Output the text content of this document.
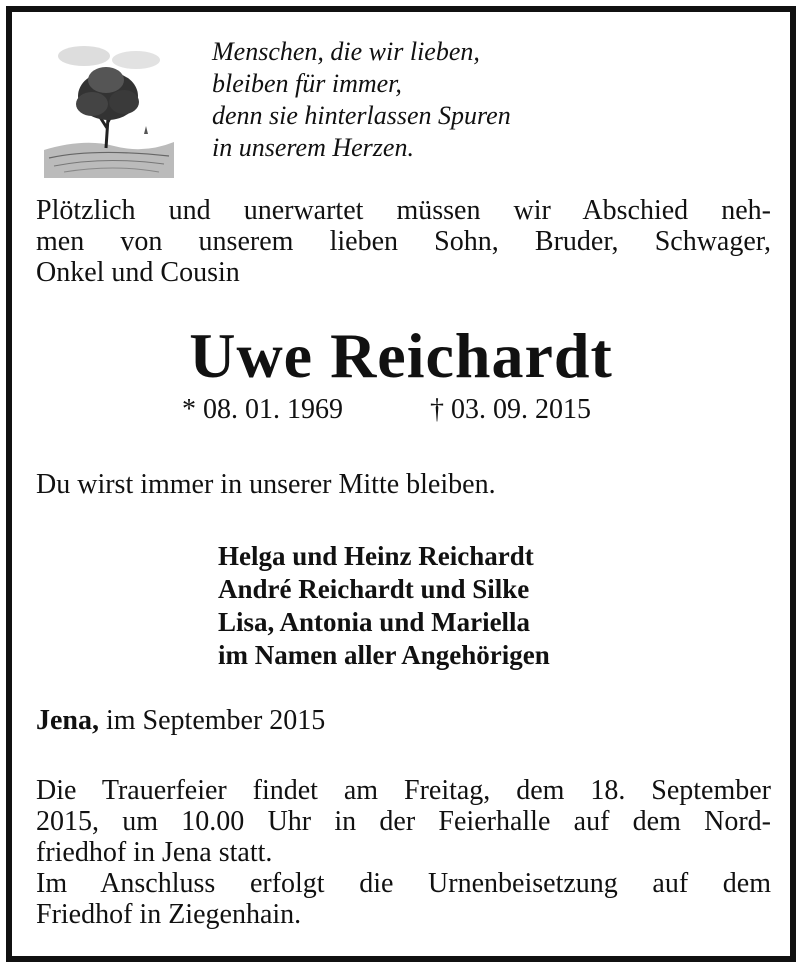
Menschen, die wir lieben,
bleiben für immer,
denn sie hinterlassen Spuren
in unserem Herzen.
Plötzlich und unerwartet müssen wir Abschied neh-
men von unserem lieben Sohn, Bruder, Schwager,
Onkel und Cousin
Uwe Reichardt
* 08. 01. 1969	† 03. 09. 2015
Du wirst immer in unserer Mitte bleiben.
Helga und Heinz Reichardt
André Reichardt und Silke
Lisa, Antonia und Mariella
im Namen aller Angehörigen
Jena, im September 2015
Die Trauerfeier findet am Freitag, dem 18. September
2015, um 10.00 Uhr in der Feierhalle auf dem Nord-
friedhof in Jena statt.
Im Anschluss erfolgt die Urnenbeisetzung auf dem
Friedhof in Ziegenhain.
